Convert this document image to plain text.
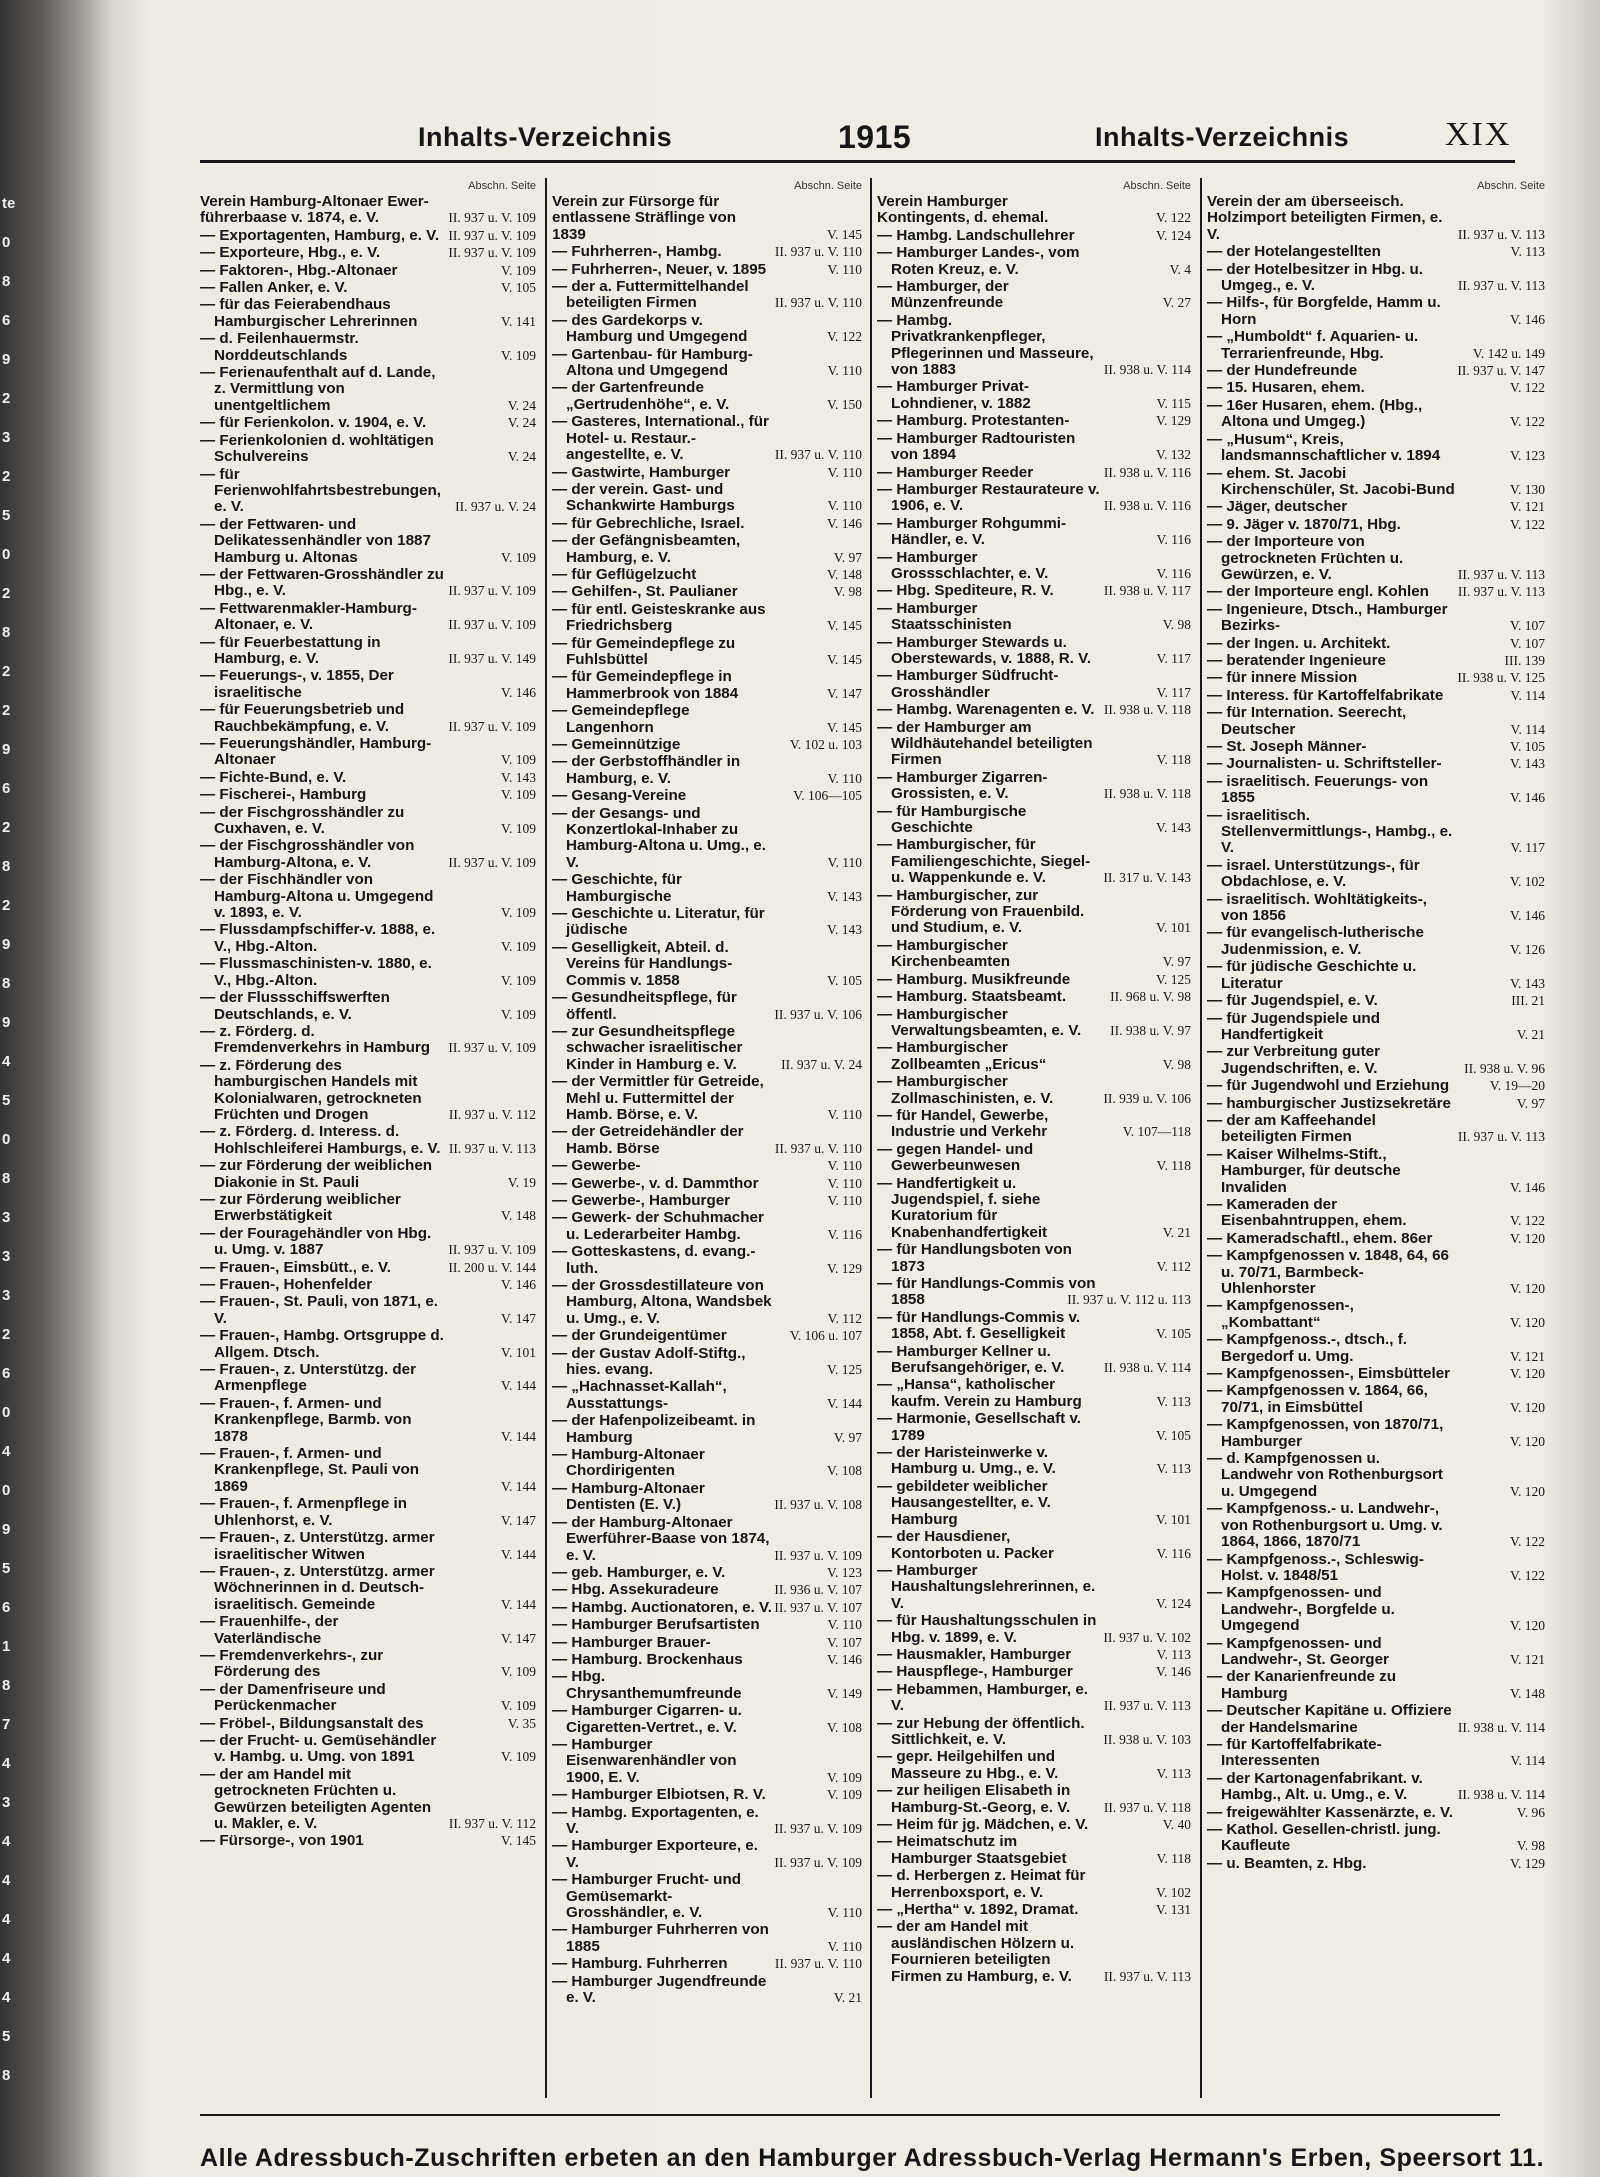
te
0
8
6
9
2
3
2
5
0
2
8
2
2
9
6
2
8
2
9
8
9
4
5
0
8
3
3
3
2
6
0
4
0
9
5
6
1
8
7
4
3
4
4
4
4
4
5
8
Inhalts-Verzeichnis	1915	Inhalts-Verzeichnis	XIX
Abschn. Seite
Verein Hamburg-Altonaer Ewer-führerbaase v. 1874, e. V.	II. 937 u. V. 109
— Exportagenten, Hamburg, e. V. II. 937 u. V. 109
— Exporteure, Hbg., e. V.	II. 937 u. V. 109
— Faktoren-, Hbg.-Altonaer	V. 109
— Fallen Anker, e. V.	V. 105
— für das Feierabendhaus Hamburgischer Lehrerinnen	V. 141
— d. Feilenhauermstr. Norddeutschlands	V. 109
— Ferienaufenthalt auf d. Lande, z. Vermittlung von unentgeltlichem	V. 24
— für Ferienkolon. v. 1904, e. V.	V. 24
— Ferienkolonien d. wohltätigen Schulvereins	V. 24
— für Ferienwohlfahrtsbestrebungen, e. V.	II. 937 u. V. 24
— der Fettwaren- und Delikatessenhändler von 1887 Hamburg u. Altonas	V. 109
— der Fettwaren-Grosshändler zu Hbg., e. V.	II. 937 u. V. 109
— Fettwarenmakler-Hamburg-Altonaer, e. V.	II. 937 u. V. 109
— für Feuerbestattung in Hamburg, e. V.	II. 937 u. V. 149
— Feuerungs-, v. 1855, Der israelitische	V. 146
— für Feuerungsbetrieb und Rauchbekämpfung, e. V.	II. 937 u. V. 109
— Feuerungshändler, Hamburg-Altonaer	V. 109
— Fichte-Bund, e. V.	V. 143
— Fischerei-, Hamburg	V. 109
— der Fischgrosshändler zu Cuxhaven, e. V.	V. 109
— der Fischgrosshändler von Hamburg-Altona, e. V.	II. 937 u. V. 109
— der Fischhändler von Hamburg-Altona u. Umgegend v. 1893, e. V.	V. 109
— Flussdampfschiffer-v. 1888, e. V., Hbg.-Alton.	V. 109
— Flussmaschinisten-v. 1880, e. V., Hbg.-Alton.	V. 109
— der Flussschiffswerften Deutschlands, e. V.	V. 109
— z. Förderg. d. Fremdenverkehrs in Hamburg II. 937 u. V. 109
— z. Förderung des hamburgischen Handels mit Kolonialwaren, getrockneten Früchten und Drogen	II. 937 u. V. 112
— z. Förderg. d. Interess. d. Hohlschleiferei Hamburgs, e. V. II. 937 u. V. 113
— zur Förderung der weiblichen Diakonie in St. Pauli	V. 19
— zur Förderung weiblicher Erwerbstätigkeit	V. 148
— der Fouragehändler von Hbg. u. Umg. v. 1887	II. 937 u. V. 109
— Frauen-, Eimsbütt., e. V.	II. 200 u. V. 144
— Frauen-, Hohenfelder	V. 146
— Frauen-, St. Pauli, von 1871, e. V.	V. 147
— Frauen-, Hambg. Ortsgruppe d. Allgem. Dtsch.	V. 101
— Frauen-, z. Unterstützg. der Armenpflege	V. 144
— Frauen-, f. Armen- und Krankenpflege, Barmb. von 1878	V. 144
— Frauen-, f. Armen- und Krankenpflege, St. Pauli von 1869	V. 144
— Frauen-, f. Armenpflege in Uhlenhorst, e. V.	V. 147
— Frauen-, z. Unterstützg. armer israelitischer Witwen	V. 144
— Frauen-, z. Unterstützg. armer Wöchnerinnen in d. Deutsch-israelitisch. Gemeinde	V. 144
— Frauenhilfe-, der Vaterländische	V. 147
— Fremdenverkehrs-, zur Förderung des	V. 109
— der Damenfriseure und Perückenmacher	V. 109
— Fröbel-, Bildungsanstalt des	V. 35
— der Frucht- u. Gemüsehändler v. Hambg. u. Umg. von 1891	V. 109
— der am Handel mit getrockneten Früchten u. Gewürzen beteiligten Agenten u. Makler, e. V.	II. 937 u. V. 112
— Fürsorge-, von 1901	V. 145
Abschn. Seite
Verein zur Fürsorge für entlassene Sträflinge von 1839	V. 145
— Fuhrherren-, Hambg.	II. 937 u. V. 110
— Fuhrherren-, Neuer, v. 1895	V. 110
— der a. Futtermittelhandel beteiligten Firmen	II. 937 u. V. 110
— des Gardekorps v. Hamburg und Umgegend	V. 122
— Gartenbau- für Hamburg-Altona und Umgegend	V. 110
— der Gartenfreunde „Gertrudenhöhe“, e. V.	V. 150
— Gasteres, International., für Hotel- u. Restaur.-angestellte, e. V.	II. 937 u. V. 110
— Gastwirte, Hamburger	V. 110
— der verein. Gast- und Schankwirte Hamburgs	V. 110
— für Gebrechliche, Israel.	V. 146
— der Gefängnisbeamten, Hamburg, e. V.	V. 97
— für Geflügelzucht	V. 148
— Gehilfen-, St. Paulianer	V. 98
— für entl. Geisteskranke aus Friedrichsberg	V. 145
— für Gemeindepflege zu Fuhlsbüttel	V. 145
— für Gemeindepflege in Hammerbrook von 1884	V. 147
— Gemeindepflege Langenhorn	V. 145
— Gemeinnützige	V. 102 u. 103
— der Gerbstoffhändler in Hamburg, e. V.	V. 110
— Gesang-Vereine	V. 106—105
— der Gesangs- und Konzertlokal-Inhaber zu Hamburg-Altona u. Umg., e. V.	V. 110
— Geschichte, für Hamburgische	V. 143
— Geschichte u. Literatur, für jüdische	V. 143
— Geselligkeit, Abteil. d. Vereins für Handlungs-Commis v. 1858	V. 105
— Gesundheitspflege, für öffentl.	II. 937 u. V. 106
— zur Gesundheitspflege schwacher israelitischer Kinder in Hamburg e. V.	II. 937 u. V. 24
— der Vermittler für Getreide, Mehl u. Futtermittel der Hamb. Börse, e. V.	V. 110
— der Getreidehändler der Hamb. Börse	II. 937 u. V. 110
— Gewerbe-	V. 110
— Gewerbe-, v. d. Dammthor	V. 110
— Gewerbe-, Hamburger	V. 110
— Gewerk- der Schuhmacher u. Lederarbeiter Hambg.	V. 116
— Gotteskastens, d. evang.-luth.	V. 129
— der Grossdestillateure von Hamburg, Altona, Wandsbek u. Umg., e. V.	V. 112
— der Grundeigentümer	V. 106 u. 107
— der Gustav Adolf-Stiftg., hies. evang.	V. 125
— „Hachnasset-Kallah“, Ausstattungs-	V. 144
— der Hafenpolizeibeamt. in Hamburg	V. 97
— Hamburg-Altonaer Chordirigenten	V. 108
— Hamburg-Altonaer Dentisten (E. V.)	II. 937 u. V. 108
— der Hamburg-Altonaer Ewerführer-Baase von 1874, e. V.	II. 937 u. V. 109
— geb. Hamburger, e. V.	V. 123
— Hbg. Assekuradeure	II. 936 u. V. 107
— Hambg. Auctionatoren, e. V. II. 937 u. V. 107
— Hamburger Berufsartisten	V. 110
— Hamburger Brauer-	V. 107
— Hamburg. Brockenhaus	V. 146
— Hbg. Chrysanthemumfreunde	V. 149
— Hamburger Cigarren- u. Cigaretten-Vertret., e. V.	V. 108
— Hamburger Eisenwarenhändler von 1900, E. V.	V. 109
— Hamburger Elbiotsen, R. V.	V. 109
— Hambg. Exportagenten, e. V.	II. 937 u. V. 109
— Hamburger Exporteure, e. V.	II. 937 u. V. 109
— Hamburger Frucht- und Gemüsemarkt-Grosshändler, e. V.	V. 110
— Hamburger Fuhrherren von 1885	V. 110
— Hamburg. Fuhrherren	II. 937 u. V. 110
— Hamburger Jugendfreunde e. V.	V. 21
Abschn. Seite
Verein Hamburger Kontingents, d. ehemal.	V. 122
— Hambg. Landschullehrer	V. 124
— Hamburger Landes-, vom Roten Kreuz, e. V.	V. 4
— Hamburger, der Münzenfreunde	V. 27
— Hambg. Privatkrankenpfleger, Pflegerinnen und Masseure, von 1883	II. 938 u. V. 114
— Hamburger Privat-Lohndiener, v. 1882	V. 115
— Hamburg. Protestanten-	V. 129
— Hamburger Radtouristen von 1894	V. 132
— Hamburger Reeder	II. 938 u. V. 116
— Hamburger Restaurateure v. 1906, e. V.	II. 938 u. V. 116
— Hamburger Rohgummi-Händler, e. V.	V. 116
— Hamburger Grossschlachter, e. V.	V. 116
— Hbg. Spediteure, R. V.	II. 938 u. V. 117
— Hamburger Staatsschinisten	V. 98
— Hamburger Stewards u. Oberstewards, v. 1888, R. V.	V. 117
— Hamburger Südfrucht-Grosshändler	V. 117
— Hambg. Warenagenten e. V. II. 938 u. V. 118
— der Hamburger am Wildhäutehandel beteiligten Firmen	V. 118
— Hamburger Zigarren-Grossisten, e. V.	II. 938 u. V. 118
— für Hamburgische Geschichte	V. 143
— Hamburgischer, für Familiengeschichte, Siegel- u. Wappenkunde e. V.	II. 317 u. V. 143
— Hamburgischer, zur Förderung von Frauenbild. und Studium, e. V.	V. 101
— Hamburgischer Kirchenbeamten	V. 97
— Hamburg. Musikfreunde	V. 125
— Hamburg. Staatsbeamt.	II. 968 u. V. 98
— Hamburgischer Verwaltungsbeamten, e. V. II. 938 u. V. 97
— Hamburgischer Zollbeamten „Ericus“	V. 98
— Hamburgischer Zollmaschinisten, e. V.	II. 939 u. V. 106
— für Handel, Gewerbe, Industrie und Verkehr	V. 107—118
— gegen Handel- und Gewerbeunwesen	V. 118
— Handfertigkeit u. Jugendspiel, f. siehe Kuratorium für Knabenhandfertigkeit	V. 21
— für Handlungsboten von 1873	V. 112
— für Handlungs-Commis von 1858	II. 937 u. V. 112 u. 113
— für Handlungs-Commis v. 1858, Abt. f. Geselligkeit	V. 105
— Hamburger Kellner u. Berufsangehöriger, e. V.	II. 938 u. V. 114
— „Hansa“, katholischer kaufm. Verein zu Hamburg	V. 113
— Harmonie, Gesellschaft v. 1789	V. 105
— der Haristeinwerke v. Hamburg u. Umg., e. V.	V. 113
— gebildeter weiblicher Hausangestellter, e. V. Hamburg	V. 101
— der Hausdiener, Kontorboten u. Packer	V. 116
— Hamburger Haushaltungslehrerinnen, e. V.	V. 124
— für Haushaltungsschulen in Hbg. v. 1899, e. V.	II. 937 u. V. 102
— Hausmakler, Hamburger	V. 113
— Hauspflege-, Hamburger	V. 146
— Hebammen, Hamburger, e. V.	II. 937 u. V. 113
— zur Hebung der öffentlich. Sittlichkeit, e. V.	II. 938 u. V. 103
— gepr. Heilgehilfen und Masseure zu Hbg., e. V.	V. 113
— zur heiligen Elisabeth in Hamburg-St.-Georg, e. V. II. 937 u. V. 118
— Heim für jg. Mädchen, e. V.	V. 40
— Heimatschutz im Hamburger Staatsgebiet	V. 118
— d. Herbergen z. Heimat für Herrenboxsport, e. V.	V. 102
— „Hertha“ v. 1892, Dramat.	V. 131
— der am Handel mit ausländischen Hölzern u. Fournieren beteiligten Firmen zu Hamburg, e. V. II. 937 u. V. 113
Abschn. Seite
Verein der am überseeisch. Holzimport beteiligten Firmen, e. V.	II. 937 u. V. 113
— der Hotelangestellten	V. 113
— der Hotelbesitzer in Hbg. u. Umgeg., e. V.	II. 937 u. V. 113
— Hilfs-, für Borgfelde, Hamm u. Horn	V. 146
— „Humboldt“ f. Aquarien- u. Terrarienfreunde, Hbg.	V. 142 u. 149
— der Hundefreunde	II. 937 u. V. 147
— 15. Husaren, ehem.	V. 122
— 16er Husaren, ehem. (Hbg., Altona und Umgeg.)	V. 122
— „Husum“, Kreis, landsmannschaftlicher v. 1894	V. 123
— ehem. St. Jacobi Kirchenschüler, St. Jacobi-Bund	V. 130
— Jäger, deutscher	V. 121
— 9. Jäger v. 1870/71, Hbg.	V. 122
— der Importeure von getrockneten Früchten u. Gewürzen, e. V.	II. 937 u. V. 113
— der Importeure engl. Kohlen II. 937 u. V. 113
— Ingenieure, Dtsch., Hamburger Bezirks-	V. 107
— der Ingen. u. Architekt.	V. 107
— beratender Ingenieure	III. 139
— für innere Mission	II. 938 u. V. 125
— Interess. für Kartoffelfabrikate	V. 114
— für Internation. Seerecht, Deutscher	V. 114
— St. Joseph Männer-	V. 105
— Journalisten- u. Schriftsteller-	V. 143
— israelitisch. Feuerungs- von 1855	V. 146
— israelitisch. Stellenvermittlungs-, Hambg., e. V.	V. 117
— israel. Unterstützungs-, für Obdachlose, e. V.	V. 102
— israelitisch. Wohltätigkeits-, von 1856	V. 146
— für evangelisch-lutherische Judenmission, e. V.	V. 126
— für jüdische Geschichte u. Literatur	V. 143
— für Jugendspiel, e. V.	III. 21
— für Jugendspiele und Handfertigkeit	V. 21
— zur Verbreitung guter Jugendschriften, e. V.	II. 938 u. V. 96
— für Jugendwohl und Erziehung	V. 19—20
— hamburgischer Justizsekretäre	V. 97
— der am Kaffeehandel beteiligten Firmen	II. 937 u. V. 113
— Kaiser Wilhelms-Stift., Hamburger, für deutsche Invaliden	V. 146
— Kameraden der Eisenbahntruppen, ehem.	V. 122
— Kameradschaftl., ehem. 86er	V. 120
— Kampfgenossen v. 1848, 64, 66 u. 70/71, Barmbeck-Uhlenhorster	V. 120
— Kampfgenossen-, „Kombattant“	V. 120
— Kampfgenoss.-, dtsch., f. Bergedorf u. Umg.	V. 121
— Kampfgenossen-, Eimsbütteler	V. 120
— Kampfgenossen v. 1864, 66, 70/71, in Eimsbüttel	V. 120
— Kampfgenossen, von 1870/71, Hamburger	V. 120
— d. Kampfgenossen u. Landwehr von Rothenburgsort u. Umgegend	V. 120
— Kampfgenoss.- u. Landwehr-, von Rothenburgsort u. Umg. v. 1864, 1866, 1870/71	V. 122
— Kampfgenoss.-, Schleswig-Holst. v. 1848/51	V. 122
— Kampfgenossen- und Landwehr-, Borgfelde u. Umgegend	V. 120
— Kampfgenossen- und Landwehr-, St. Georger	V. 121
— der Kanarienfreunde zu Hamburg	V. 148
— Deutscher Kapitäne u. Offiziere der Handelsmarine	II. 938 u. V. 114
— für Kartoffelfabrikate-Interessenten	V. 114
— der Kartonagenfabrikant. v. Hambg., Alt. u. Umg., e. V.	II. 938 u. V. 114
— freigewählter Kassenärzte, e. V.	V. 96
— Kathol. Gesellen-christl. jung. Kaufleute	V. 98
— u. Beamten, z. Hbg.	V. 129
Alle Adressbuch-Zuschriften erbeten an den Hamburger Adressbuch-Verlag Hermann's Erben, Speersort 11.
